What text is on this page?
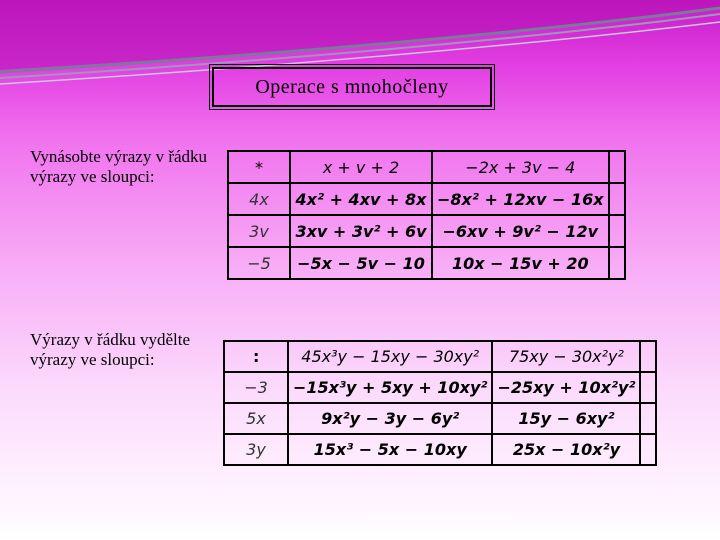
Operace s mnohočleny
Vynásobte výrazy v řádku
výrazy ve sloupci:	*	x + v + 2	−2x + 3v − 4	
4x	4x² + 4xv + 8x	−8x² + 12xv − 16x	
3v	3xv + 3v² + 6v	−6xv + 9v² − 12v	
−5	−5x − 5v − 10	10x − 15v + 20	
Výrazy v řádku vydělte
výrazy ve sloupci:	:	45x³y − 15xy − 30xy²	75xy − 30x²y²	
−3	−15x³y + 5xy + 10xy²	−25xy + 10x²y²	
5x	9x²y − 3y − 6y²	15y − 6xy²	
3y	15x³ − 5x − 10xy	25x − 10x²y	
